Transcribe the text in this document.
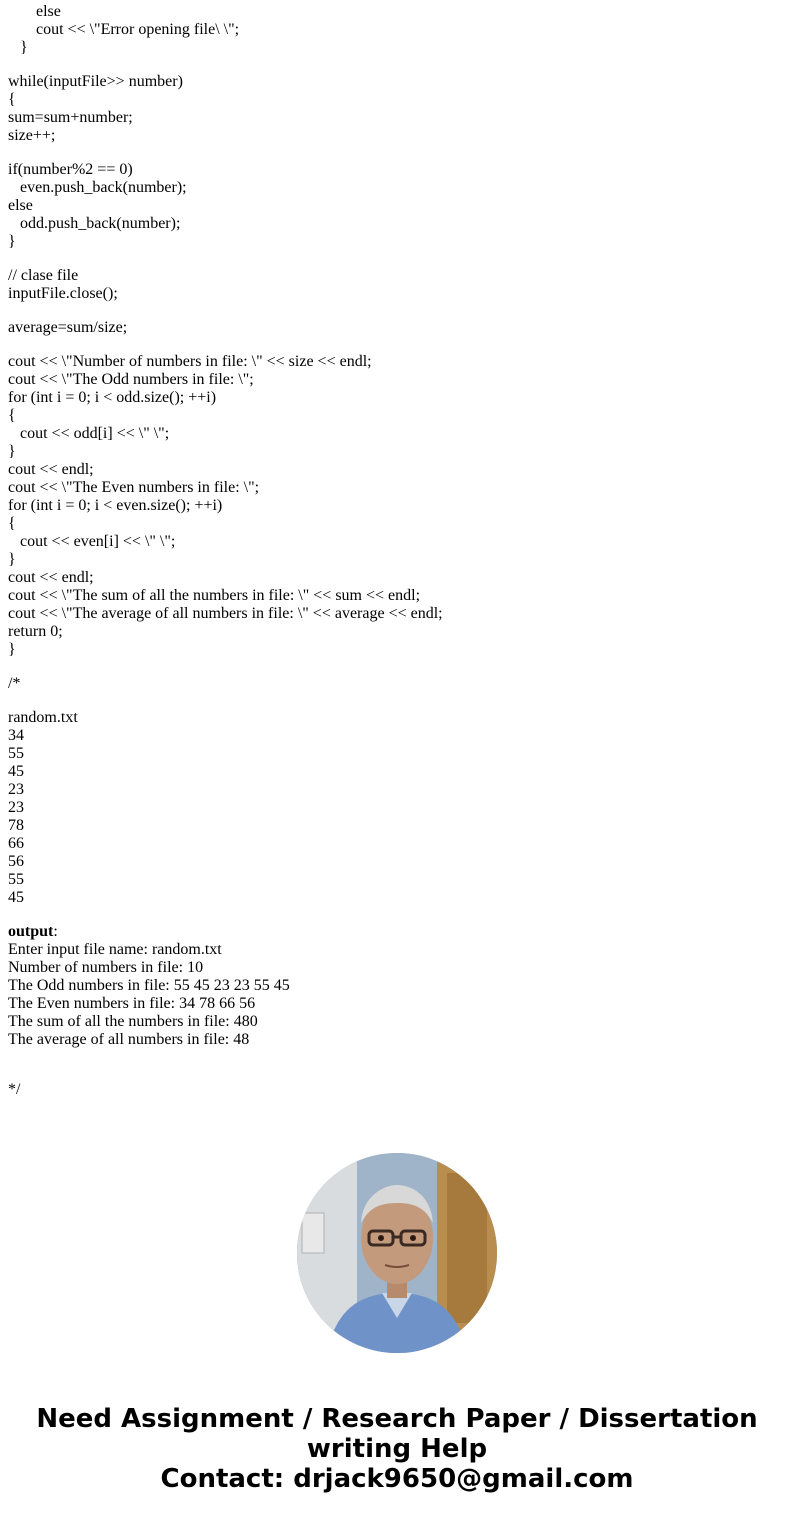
else
cout << \"Error opening file\ \";
}
while(inputFile>> number)
{
sum=sum+number;
size++;
if(number%2 == 0)
even.push_back(number);
else
odd.push_back(number);
}
// clase file
inputFile.close();
average=sum/size;
cout << \"Number of numbers in file: \" << size << endl;
cout << \"The Odd numbers in file: \";
for (int i = 0; i < odd.size(); ++i)
{
cout << odd[i] << \" \";
}
cout << endl;
cout << \"The Even numbers in file: \";
for (int i = 0; i < even.size(); ++i)
{
cout << even[i] << \" \";
}
cout << endl;
cout << \"The sum of all the numbers in file: \" << sum << endl;
cout << \"The average of all numbers in file: \" << average << endl;
return 0;
}
/*
random.txt
34
55
45
23
23
78
66
56
55
45
output:
Enter input file name: random.txt
Number of numbers in file: 10
The Odd numbers in file: 55 45 23 23 55 45
The Even numbers in file: 34 78 66 56
The sum of all the numbers in file: 480
The average of all numbers in file: 48
*/
Need Assignment / Research Paper / Dissertation
writing Help
Contact: drjack9650@gmail.com
